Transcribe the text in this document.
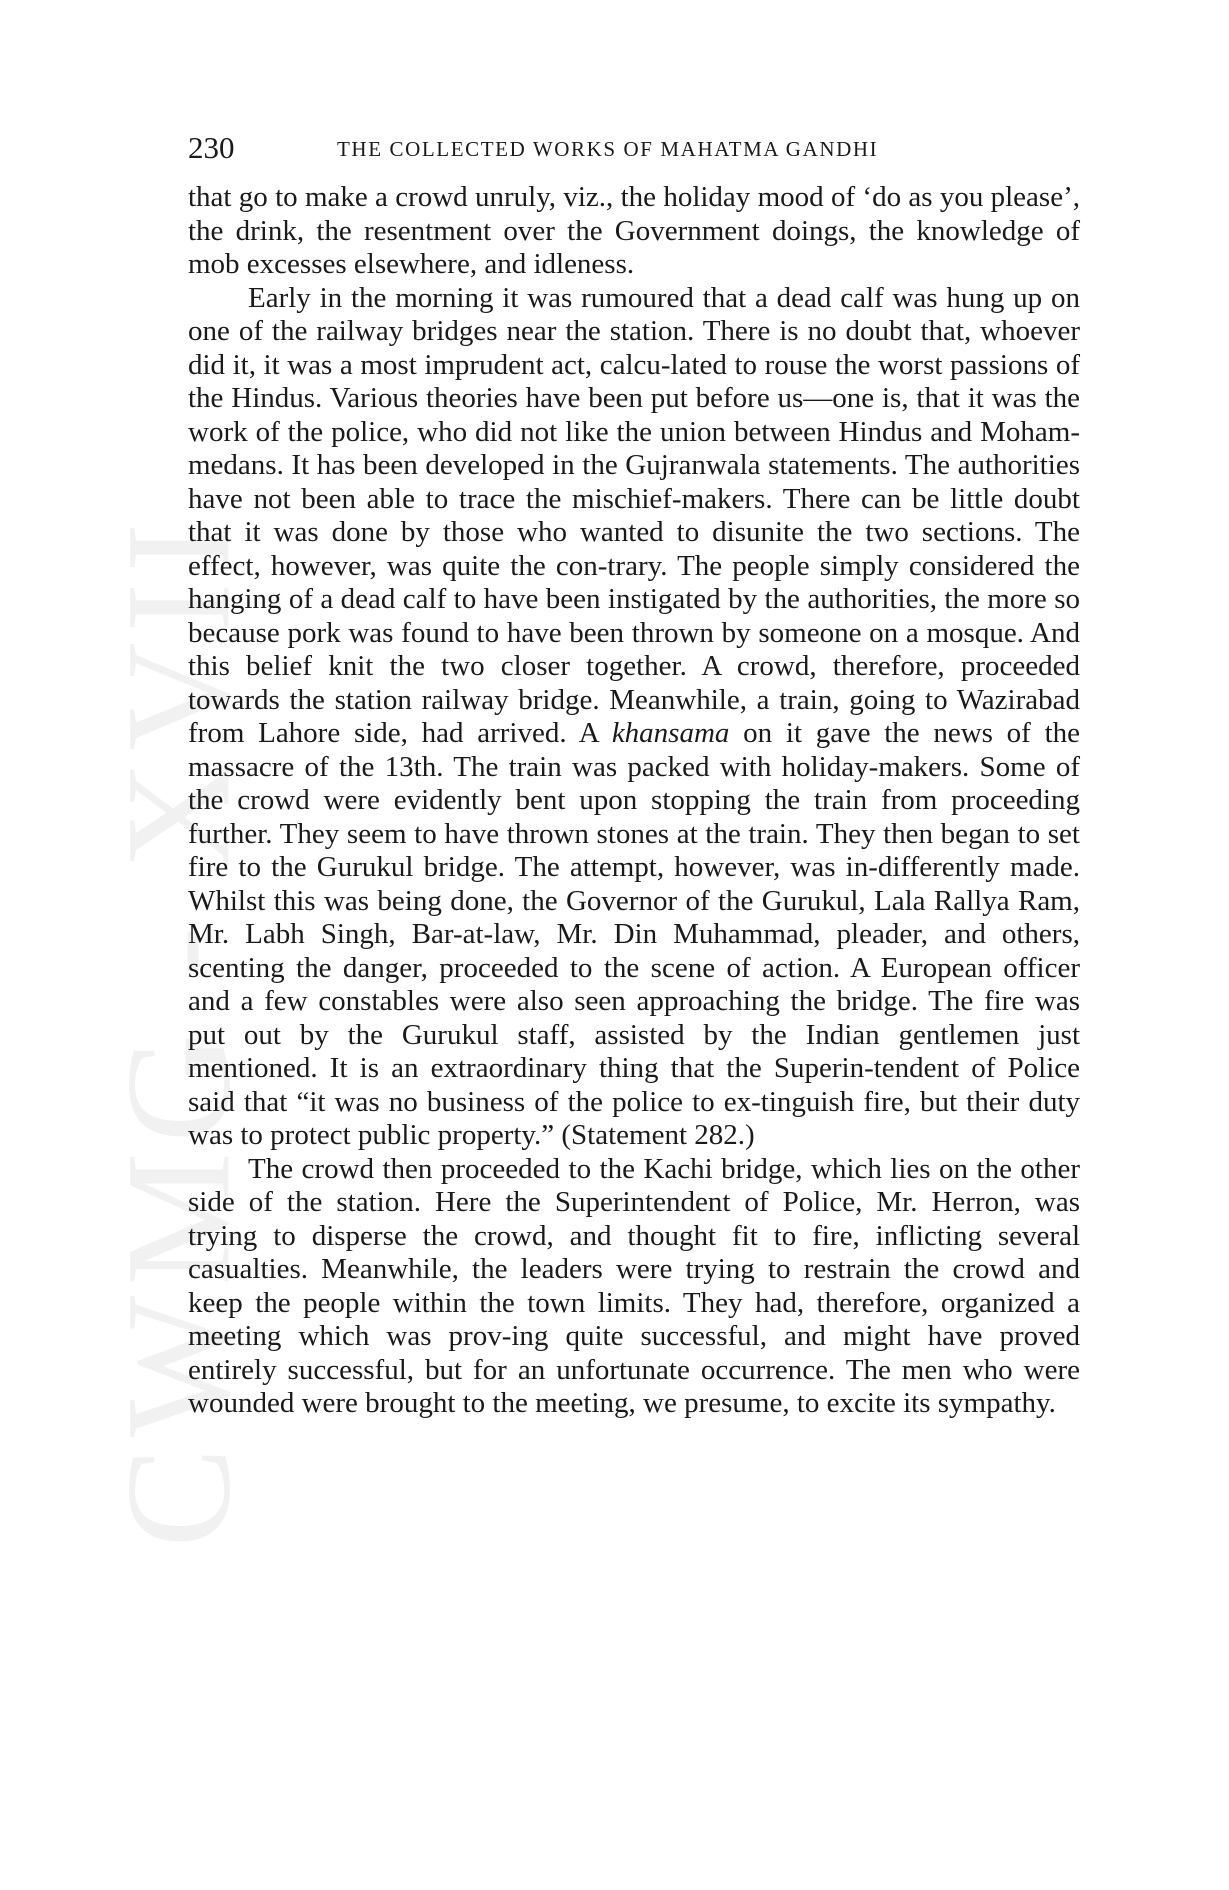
CWMG - XVII
230	THE COLLECTED WORKS OF MAHATMA GANDHI

that go to make a crowd unruly, viz., the holiday mood of ‘do as you please’, the drink, the resentment over the Government doings, the knowledge of mob excesses elsewhere, and idleness.

Early in the morning it was rumoured that a dead calf was hung up on one of the railway bridges near the station. There is no doubt that, whoever did it, it was a most imprudent act, calcu-lated to rouse the worst passions of the Hindus. Various theories have been put before us—one is, that it was the work of the police, who did not like the union between Hindus and Moham-medans. It has been developed in the Gujranwala statements. The authorities have not been able to trace the mischief-makers. There can be little doubt that it was done by those who wanted to disunite the two sections. The effect, however, was quite the con-trary. The people simply considered the hanging of a dead calf to have been instigated by the authorities, the more so because pork was found to have been thrown by someone on a mosque. And this belief knit the two closer together. A crowd, therefore, proceeded towards the station railway bridge. Meanwhile, a train, going to Wazirabad from Lahore side, had arrived. A khansama on it gave the news of the massacre of the 13th. The train was packed with holiday-makers. Some of the crowd were evidently bent upon stopping the train from proceeding further. They seem to have thrown stones at the train. They then began to set fire to the Gurukul bridge. The attempt, however, was in-differently made. Whilst this was being done, the Governor of the Gurukul, Lala Rallya Ram, Mr. Labh Singh, Bar-at-law, Mr. Din Muhammad, pleader, and others, scenting the danger, proceeded to the scene of action. A European officer and a few constables were also seen approaching the bridge. The fire was put out by the Gurukul staff, assisted by the Indian gentlemen just mentioned. It is an extraordinary thing that the Superin-tendent of Police said that “it was no business of the police to ex-tinguish fire, but their duty was to protect public property.” (Statement 282.)

The crowd then proceeded to the Kachi bridge, which lies on the other side of the station. Here the Superintendent of Police, Mr. Herron, was trying to disperse the crowd, and thought fit to fire, inflicting several casualties. Meanwhile, the leaders were trying to restrain the crowd and keep the people within the town limits. They had, therefore, organized a meeting which was prov-ing quite successful, and might have proved entirely successful, but for an unfortunate occurrence. The men who were wounded were brought to the meeting, we presume, to excite its sympathy.
